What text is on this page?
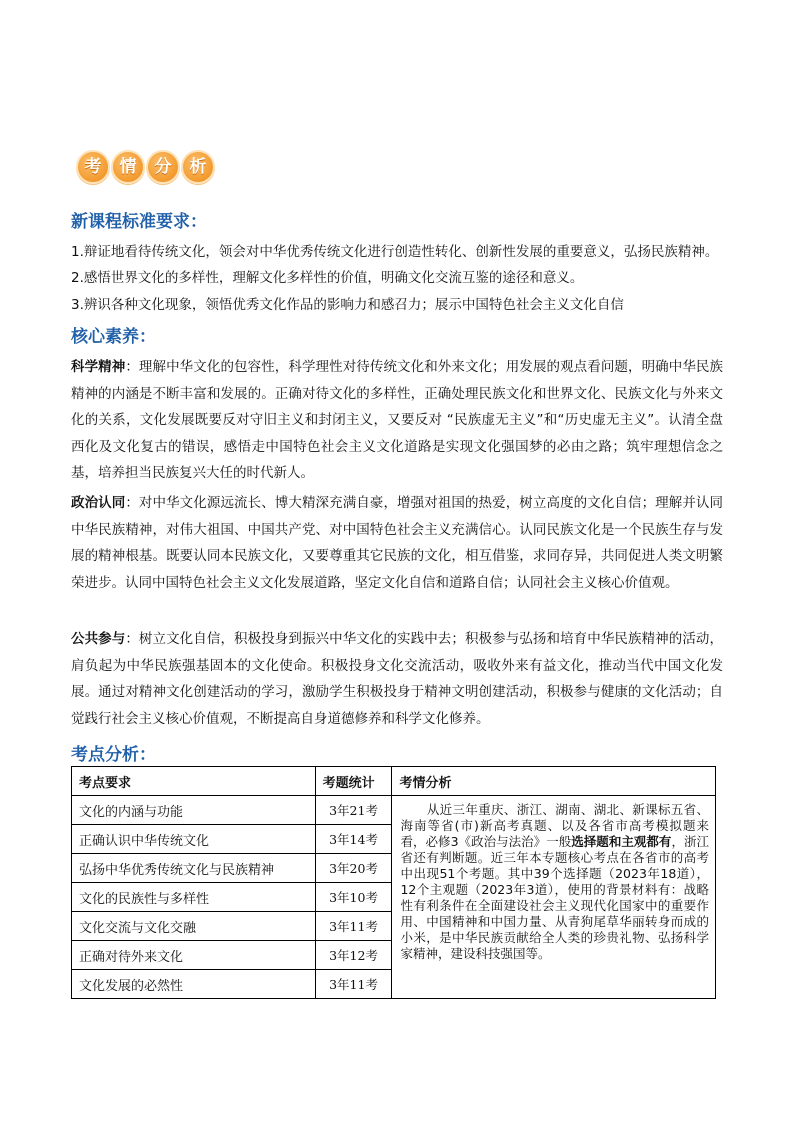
考	情	分	析
新课程标准要求：
1.辩证地看待传统文化，领会对中华优秀传统文化进行创造性转化、创新性发展的重要意义，弘扬民族精神。
2.感悟世界文化的多样性，理解文化多样性的价值，明确文化交流互鉴的途径和意义。
3.辨识各种文化现象，领悟优秀文化作品的影响力和感召力；展示中国特色社会主义文化自信
核心素养：
科学精神：理解中华文化的包容性，科学理性对待传统文化和外来文化；用发展的观点看问题，明确中华民族精神的内涵是不断丰富和发展的。正确对待文化的多样性，正确处理民族文化和世界文化、民族文化与外来文化的关系，文化发展既要反对守旧主义和封闭主义，又要反对 “民族虚无主义”和“历史虚无主义”。认清全盘西化及文化复古的错误，感悟走中国特色社会主义文化道路是实现文化强国梦的必由之路；筑牢理想信念之基，培养担当民族复兴大任的时代新人。
政治认同：对中华文化源远流长、博大精深充满自豪，增强对祖国的热爱，树立高度的文化自信；理解并认同中华民族精神，对伟大祖国、中国共产党、对中国特色社会主义充满信心。认同民族文化是一个民族生存与发展的精神根基。既要认同本民族文化，又要尊重其它民族的文化，相互借鉴，求同存异，共同促进人类文明繁荣进步。认同中国特色社会主义文化发展道路，坚定文化自信和道路自信；认同社会主义核心价值观。
公共参与：树立文化自信，积极投身到振兴中华文化的实践中去；积极参与弘扬和培育中华民族精神的活动，肩负起为中华民族强基固本的文化使命。积极投身文化交流活动，吸收外来有益文化，推动当代中国文化发展。通过对精神文化创建活动的学习，激励学生积极投身于精神文明创建活动，积极参与健康的文化活动；自觉践行社会主义核心价值观，不断提高自身道德修养和科学文化修养。
考点分析：
考点要求	考题统计	考情分析
文化的内涵与功能	3年21考	从近三年重庆、浙江、湖南、湖北、新课标五省、海南等省(市)新高考真题、以及各省市高考模拟题来看，必修3《政治与法治》一般选择题和主观都有，浙江省还有判断题。近三年本专题核心考点在各省市的高考中出现51个考题。其中39个选择题（2023年18道），12个主观题（2023年3道），使用的背景材料有：战略性有利条件在全面建设社会主义现代化国家中的重要作用、中国精神和中国力量、从青狗尾草华丽转身而成的小米，是中华民族贡献给全人类的珍贵礼物、弘扬科学家精神，建设科技强国等。
正确认识中华传统文化	3年14考	
弘扬中华优秀传统文化与民族精神	3年20考	
文化的民族性与多样性	3年10考	
文化交流与文化交融	3年11考	
正确对待外来文化	3年12考	
文化发展的必然性	3年11考	
